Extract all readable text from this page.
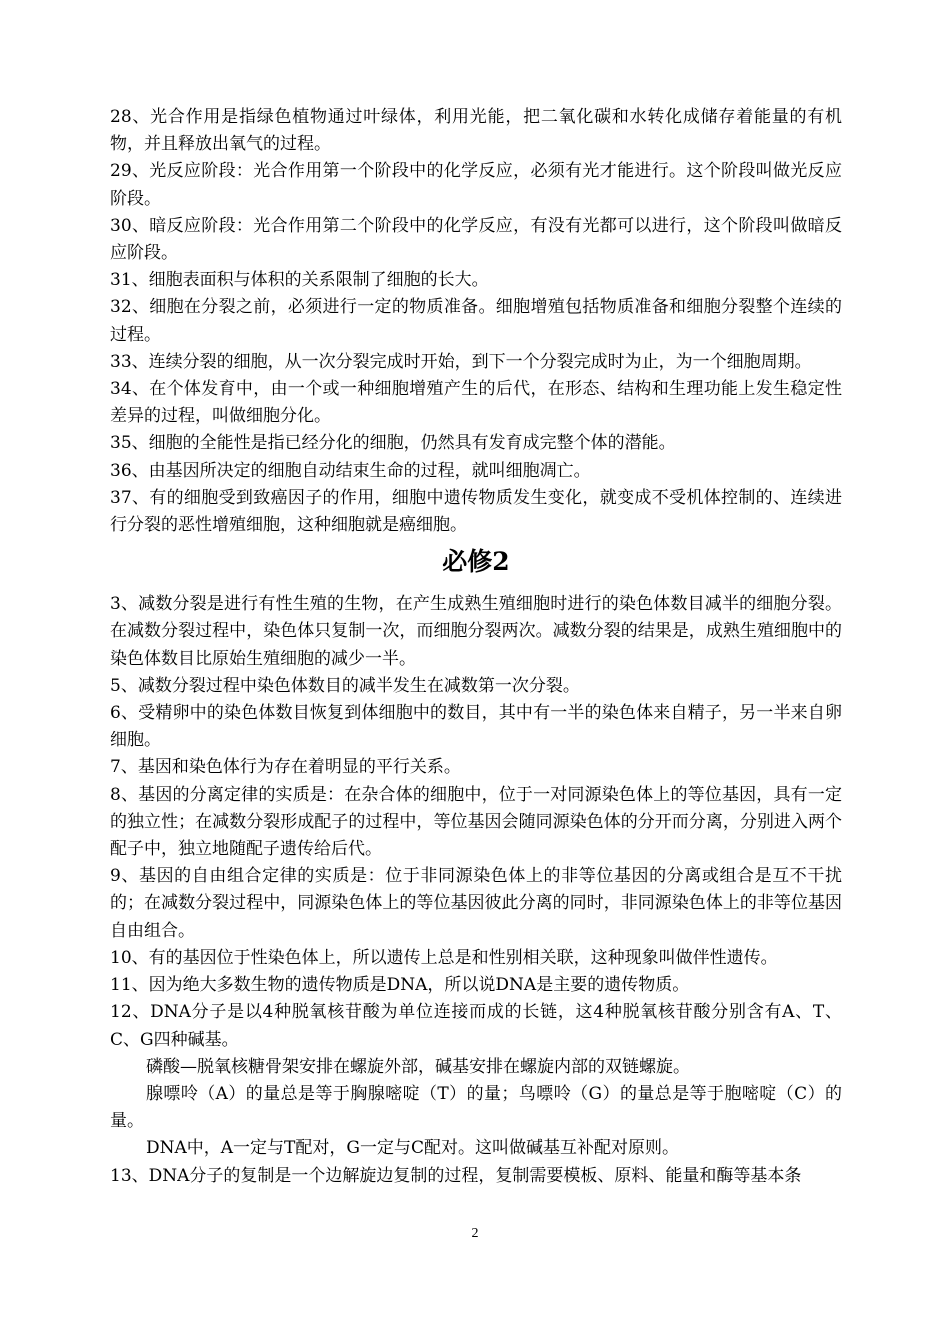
28、光合作用是指绿色植物通过叶绿体，利用光能，把二氧化碳和水转化成储存着能量的有机物，并且释放出氧气的过程。

29、光反应阶段：光合作用第一个阶段中的化学反应，必须有光才能进行。这个阶段叫做光反应阶段。

30、暗反应阶段：光合作用第二个阶段中的化学反应，有没有光都可以进行，这个阶段叫做暗反应阶段。

31、细胞表面积与体积的关系限制了细胞的长大。

32、细胞在分裂之前，必须进行一定的物质准备。细胞增殖包括物质准备和细胞分裂整个连续的过程。

33、连续分裂的细胞，从一次分裂完成时开始，到下一个分裂完成时为止，为一个细胞周期。

34、在个体发育中，由一个或一种细胞增殖产生的后代，在形态、结构和生理功能上发生稳定性差异的过程，叫做细胞分化。

35、细胞的全能性是指已经分化的细胞，仍然具有发育成完整个体的潜能。

36、由基因所决定的细胞自动结束生命的过程，就叫细胞凋亡。

37、有的细胞受到致癌因子的作用，细胞中遗传物质发生变化，就变成不受机体控制的、连续进行分裂的恶性增殖细胞，这种细胞就是癌细胞。

必修2

3、减数分裂是进行有性生殖的生物，在产生成熟生殖细胞时进行的染色体数目减半的细胞分裂。在减数分裂过程中，染色体只复制一次，而细胞分裂两次。减数分裂的结果是，成熟生殖细胞中的染色体数目比原始生殖细胞的减少一半。

5、减数分裂过程中染色体数目的减半发生在减数第一次分裂。

6、受精卵中的染色体数目恢复到体细胞中的数目，其中有一半的染色体来自精子，另一半来自卵细胞。

7、基因和染色体行为存在着明显的平行关系。

8、基因的分离定律的实质是：在杂合体的细胞中，位于一对同源染色体上的等位基因，具有一定的独立性；在减数分裂形成配子的过程中，等位基因会随同源染色体的分开而分离，分别进入两个配子中，独立地随配子遗传给后代。

9、基因的自由组合定律的实质是：位于非同源染色体上的非等位基因的分离或组合是互不干扰的；在减数分裂过程中，同源染色体上的等位基因彼此分离的同时，非同源染色体上的非等位基因自由组合。

10、有的基因位于性染色体上，所以遗传上总是和性别相关联，这种现象叫做伴性遗传。

11、因为绝大多数生物的遗传物质是DNA，所以说DNA是主要的遗传物质。

12、DNA分子是以4种脱氧核苷酸为单位连接而成的长链，这4种脱氧核苷酸分别含有A、T、C、G四种碱基。

磷酸—脱氧核糖骨架安排在螺旋外部，碱基安排在螺旋内部的双链螺旋。

腺嘌呤（A）的量总是等于胸腺嘧啶（T）的量；鸟嘌呤（G）的量总是等于胞嘧啶（C）的量。

DNA中，A一定与T配对，G一定与C配对。这叫做碱基互补配对原则。

13、DNA分子的复制是一个边解旋边复制的过程，复制需要模板、原料、能量和酶等基本条

2
